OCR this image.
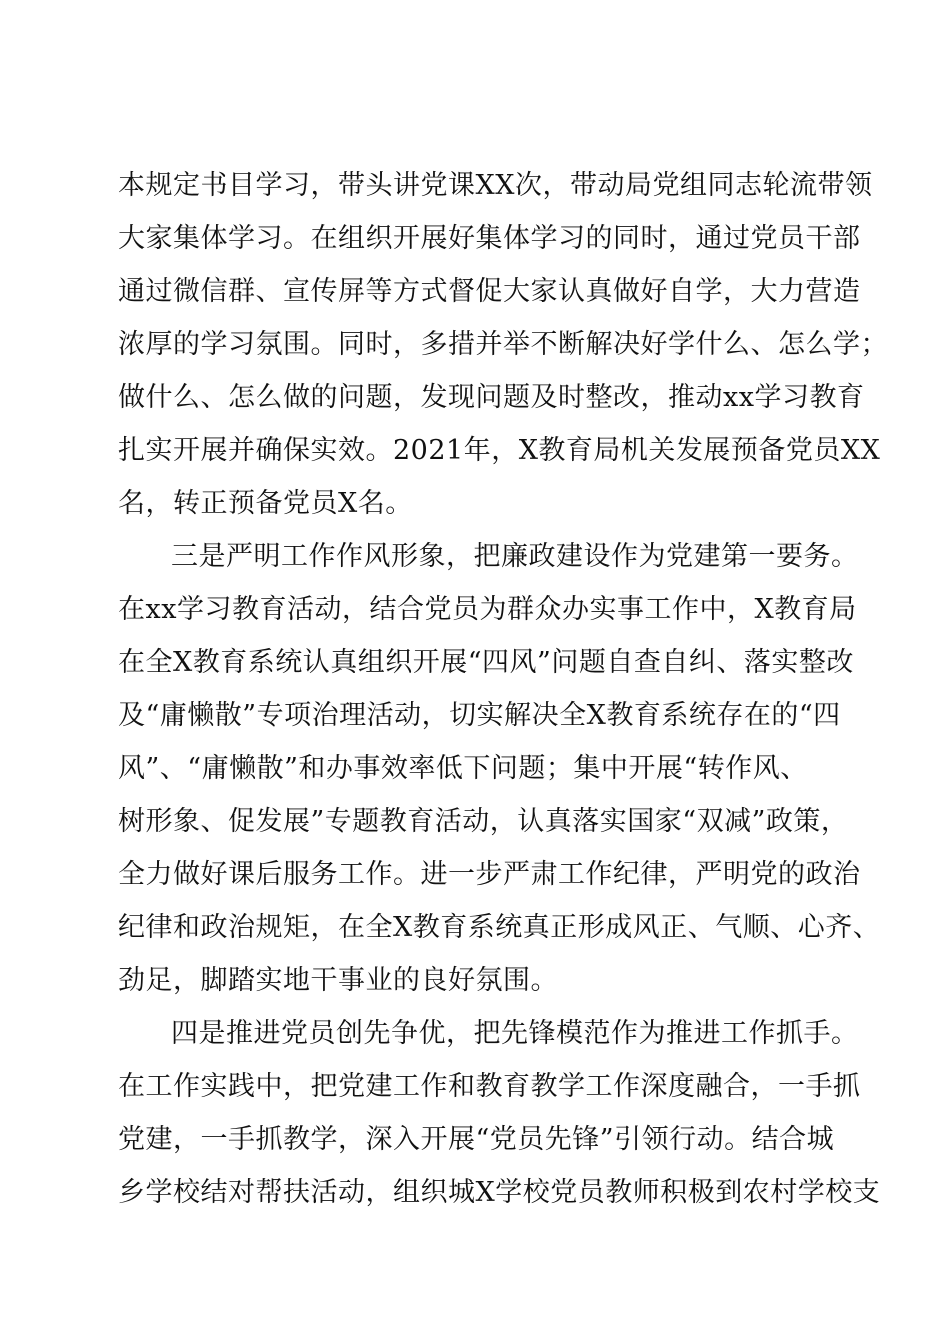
本规定书目学习，带头讲党课XX次，带动局党组同志轮流带领
大家集体学习。在组织开展好集体学习的同时，通过党员干部
通过微信群、宣传屏等方式督促大家认真做好自学，大力营造
浓厚的学习氛围。同时，多措并举不断解决好学什么、怎么学；
做什么、怎么做的问题，发现问题及时整改，推动xx学习教育
扎实开展并确保实效。2021年，X教育局机关发展预备党员XX
名，转正预备党员X名。
三是严明工作作风形象，把廉政建设作为党建第一要务。
在xx学习教育活动，结合党员为群众办实事工作中，X教育局
在全X教育系统认真组织开展“四风”问题自查自纠、落实整改
及“庸懒散”专项治理活动，切实解决全X教育系统存在的“四
风”、“庸懒散”和办事效率低下问题；集中开展“转作风、
树形象、促发展”专题教育活动，认真落实国家“双减”政策，
全力做好课后服务工作。进一步严肃工作纪律，严明党的政治
纪律和政治规矩，在全X教育系统真正形成风正、气顺、心齐、
劲足，脚踏实地干事业的良好氛围。
四是推进党员创先争优，把先锋模范作为推进工作抓手。
在工作实践中，把党建工作和教育教学工作深度融合，一手抓
党建，一手抓教学，深入开展“党员先锋”引领行动。结合城
乡学校结对帮扶活动，组织城X学校党员教师积极到农村学校支
